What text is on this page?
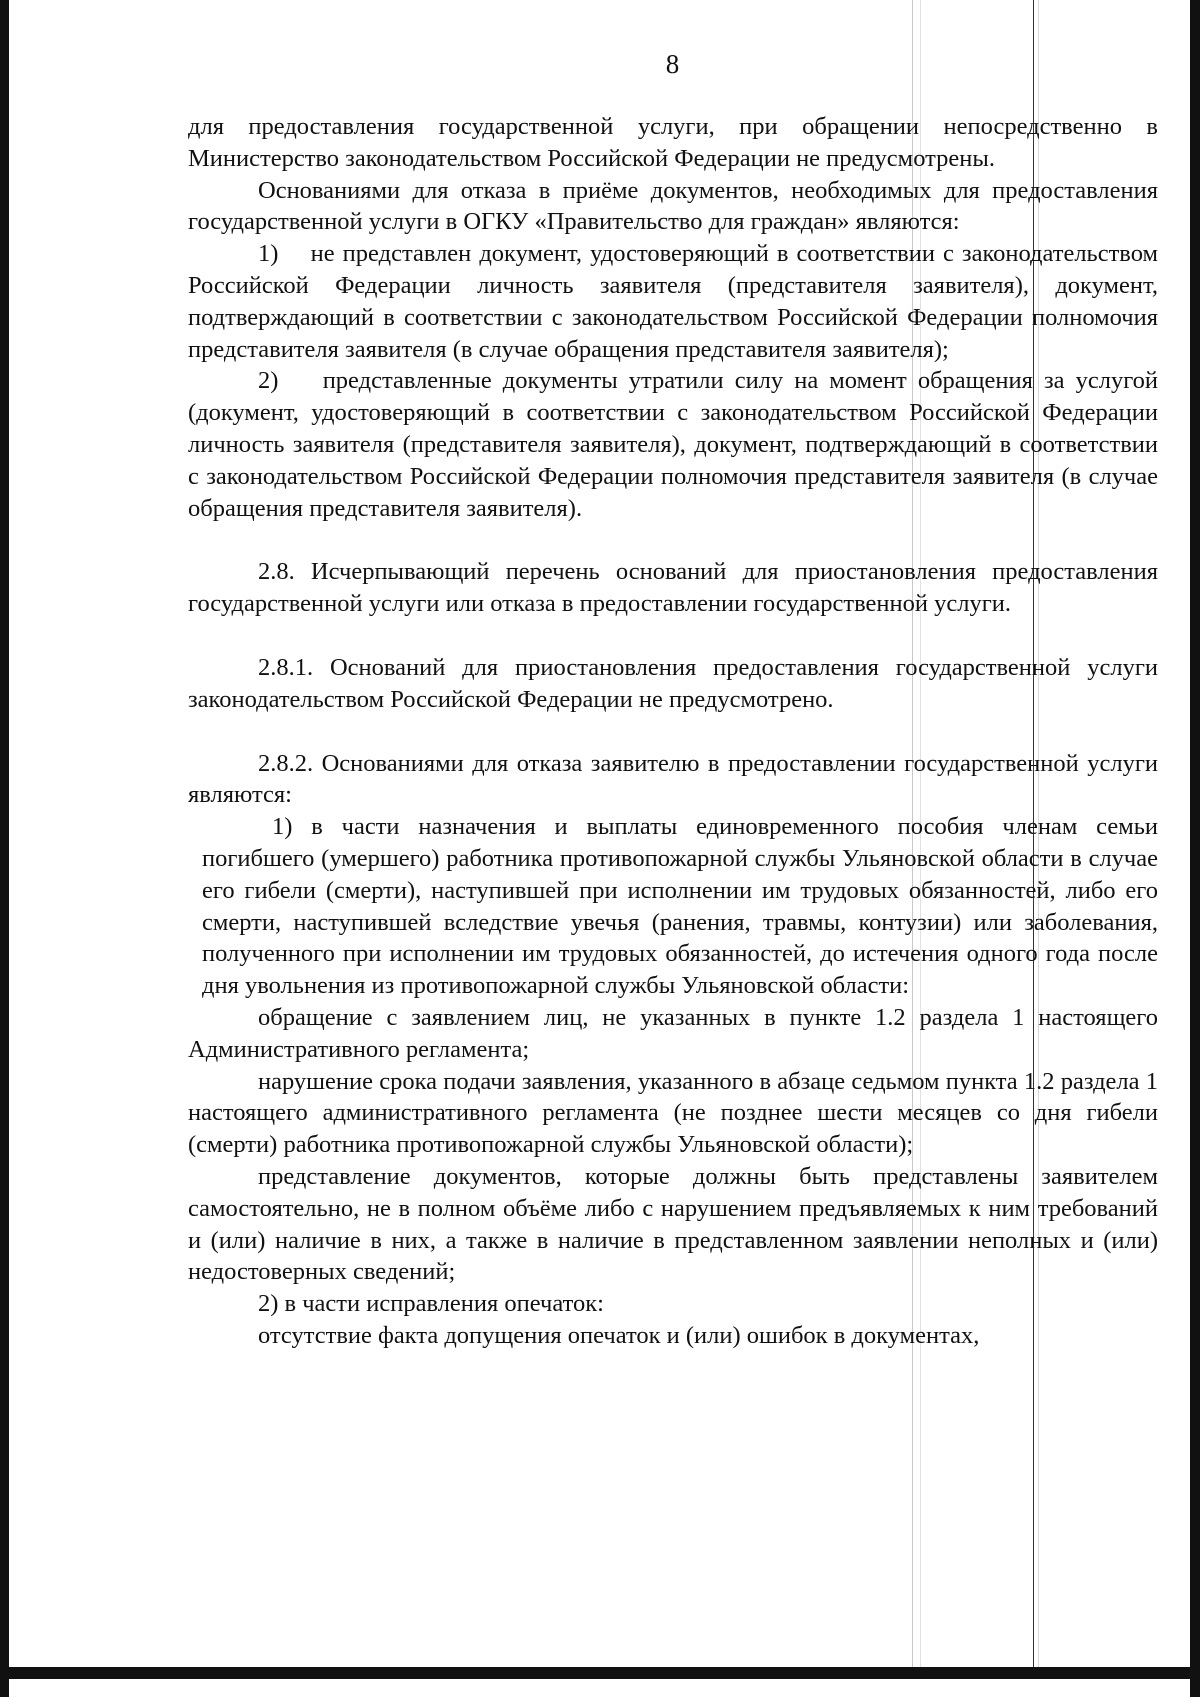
8

для предоставления государственной услуги, при обращении непосредственно в Министерство законодательством Российской Федерации не предусмотрены.

Основаниями для отказа в приёме документов, необходимых для предоставления государственной услуги в ОГКУ «Правительство для граждан» являются:

1)    не представлен документ, удостоверяющий в соответствии с законодательством Российской Федерации личность заявителя (представителя заявителя), документ, подтверждающий в соответствии с законодательством Российской Федерации полномочия представителя заявителя (в случае обращения представителя заявителя);

2)    представленные документы утратили силу на момент обращения за услугой (документ, удостоверяющий в соответствии с законодательством Российской Федерации личность заявителя (представителя заявителя), документ, подтверждающий в соответствии с законодательством Российской Федерации полномочия представителя заявителя (в случае обращения представителя заявителя).

2.8. Исчерпывающий перечень оснований для приостановления предоставления государственной услуги или отказа в предоставлении государственной услуги.

2.8.1. Оснований для приостановления предоставления государственной услуги законодательством Российской Федерации не предусмотрено.

2.8.2. Основаниями для отказа заявителю в предоставлении государственной услуги являются:

1) в части назначения и выплаты единовременного пособия членам семьи погибшего (умершего) работника противопожарной службы Ульяновской области в случае его гибели (смерти), наступившей при исполнении им трудовых обязанностей, либо его смерти, наступившей вследствие увечья (ранения, травмы, контузии) или заболевания, полученного при исполнении им трудовых обязанностей, до истечения одного года после дня увольнения из противопожарной службы Ульяновской области:

обращение с заявлением лиц, не указанных в пункте 1.2 раздела 1 настоящего Административного регламента;

нарушение срока подачи заявления, указанного в абзаце седьмом пункта 1.2 раздела 1 настоящего административного регламента (не позднее шести месяцев со дня гибели (смерти) работника противопожарной службы Ульяновской области);

представление документов, которые должны быть представлены заявителем самостоятельно, не в полном объёме либо с нарушением предъявляемых к ним требований и (или) наличие в них, а также в наличие в представленном заявлении неполных и (или) недостоверных сведений;

2) в части исправления опечаток:

отсутствие факта допущения опечаток и (или) ошибок в документах,
